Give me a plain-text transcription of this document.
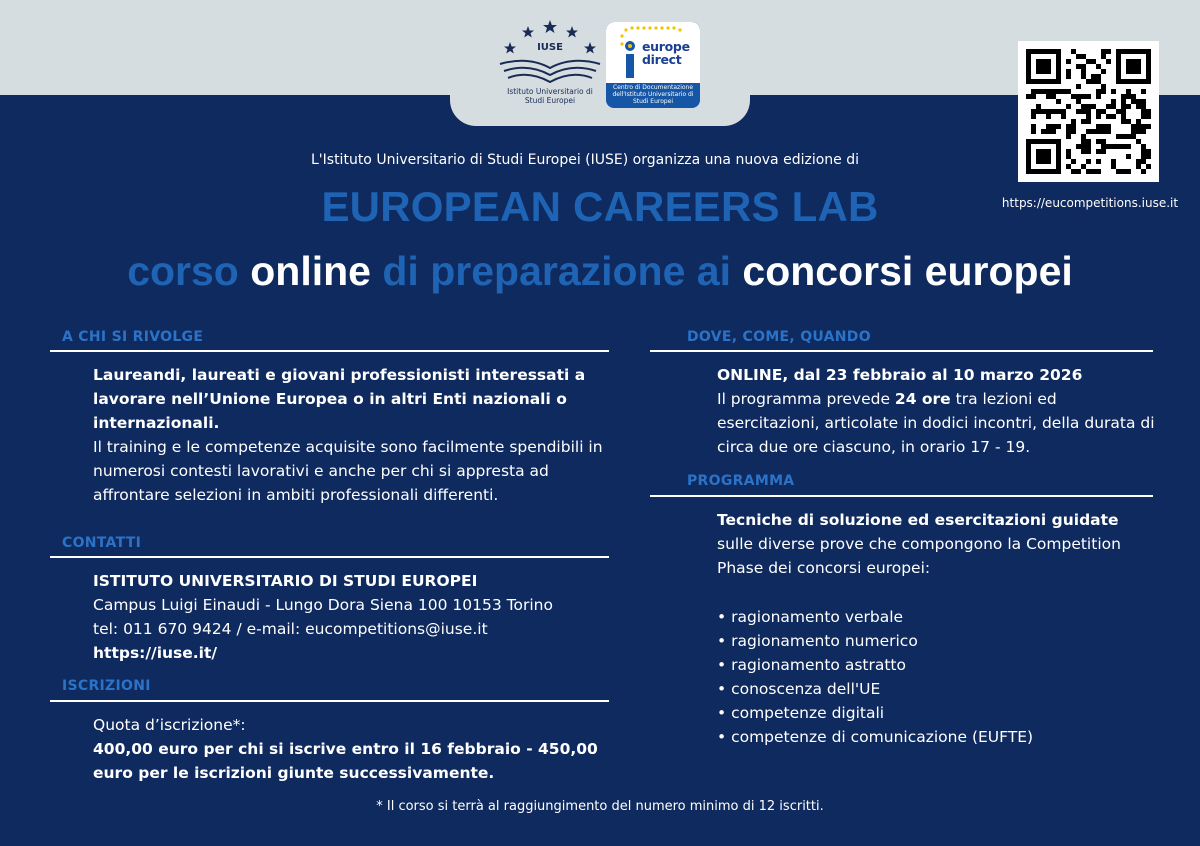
IUSE
Istituto Universitario di Studi Europei
europe
direct
Centro di Documentazione dell'Istituto Universitario di Studi Europei
https://eucompetitions.iuse.it
L'Istituto Universitario di Studi Europei (IUSE) organizza una nuova edizione di
EUROPEAN CAREERS LAB
corso online di preparazione ai concorsi europei
A CHI SI RIVOLGE
Laureandi, laureati e giovani professionisti interessati a lavorare nell’Unione Europea o in altri Enti nazionali o internazionali.
Il training e le competenze acquisite sono facilmente spendibili in numerosi contesti lavorativi e anche per chi si appresta ad affrontare selezioni in ambiti professionali differenti.
CONTATTI
ISTITUTO UNIVERSITARIO DI STUDI EUROPEI
Campus Luigi Einaudi - Lungo Dora Siena 100 10153 Torino
tel: 011 670 9424 / e-mail: eucompetitions@iuse.it
https://iuse.it/
ISCRIZIONI
Quota d’iscrizione*:
400,00 euro per chi si iscrive entro il 16 febbraio - 450,00 euro per le iscrizioni giunte successivamente.
DOVE, COME, QUANDO
ONLINE, dal 23 febbraio al 10 marzo 2026
Il programma prevede 24 ore tra lezioni ed esercitazioni, articolate in dodici incontri, della durata di circa due ore ciascuno, in orario 17 - 19.
PROGRAMMA
Tecniche di soluzione ed esercitazioni guidate sulle diverse prove che compongono la Competition Phase dei concorsi europei:
• ragionamento verbale
• ragionamento numerico
• ragionamento astratto
• conoscenza dell'UE
• competenze digitali
• competenze di comunicazione (EUFTE)
* Il corso si terrà al raggiungimento del numero minimo di 12 iscritti.
